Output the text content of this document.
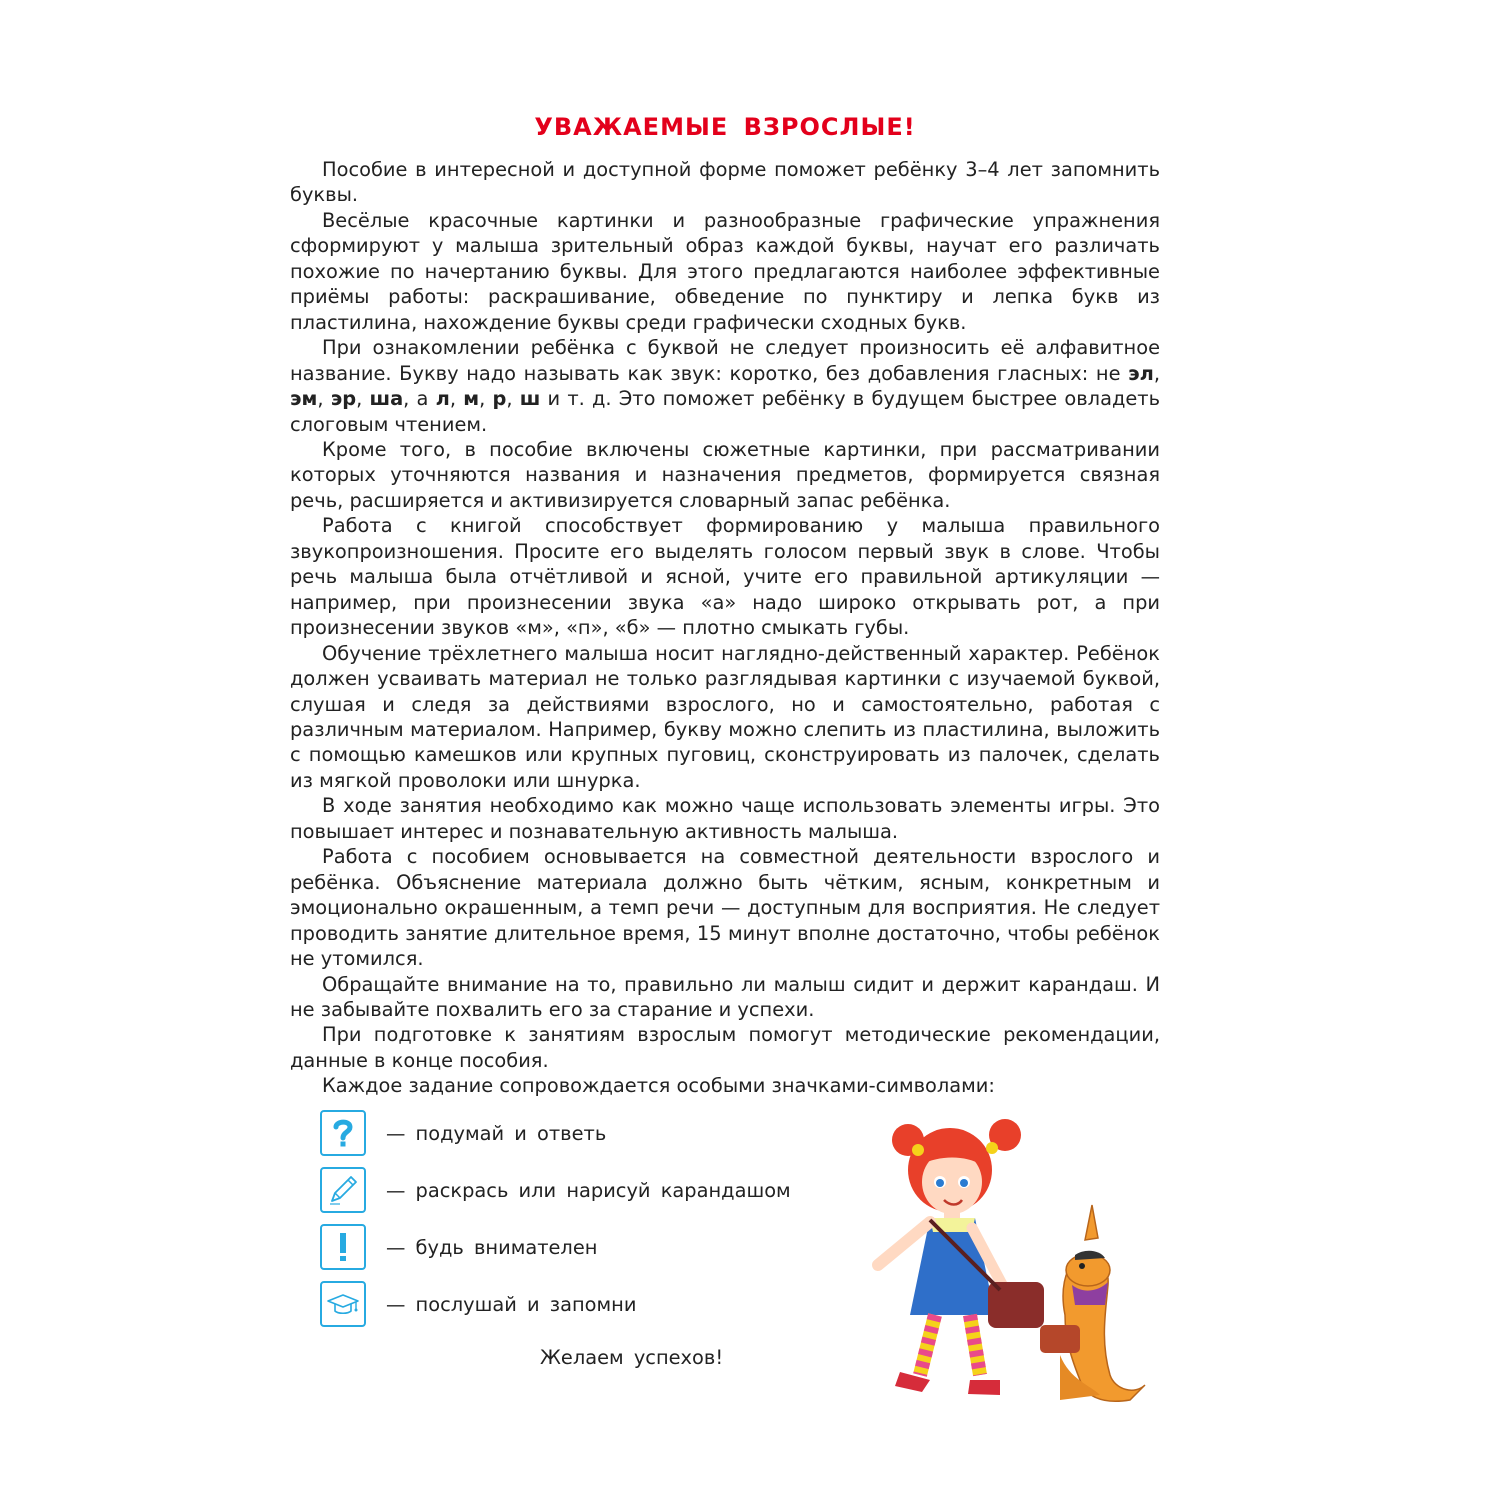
УВАЖАЕМЫЕ ВЗРОСЛЫЕ!

Пособие в интересной и доступной форме поможет ребёнку 3–4 лет запомнить буквы.

Весёлые красочные картинки и разнообразные графические упражнения сформируют у малыша зрительный образ каждой буквы, научат его различать похожие по начертанию буквы. Для этого предлагаются наиболее эффективные приёмы работы: раскрашивание, обведение по пунктиру и лепка букв из пластилина, нахождение буквы среди графически сходных букв.

При ознакомлении ребёнка с буквой не следует произносить её алфавитное название. Букву надо называть как звук: коротко, без добавления гласных: не эл, эм, эр, ша, а л, м, р, ш и т. д. Это поможет ребёнку в будущем быстрее овладеть слоговым чтением.

Кроме того, в пособие включены сюжетные картинки, при рассматривании которых уточняются названия и назначения предметов, формируется связная речь, расширяется и активизируется словарный запас ребёнка.

Работа с книгой способствует формированию у малыша правильного звукопроизношения. Просите его выделять голосом первый звук в слове. Чтобы речь малыша была отчётливой и ясной, учите его правильной артикуляции — например, при произнесении звука «а» надо широко открывать рот, а при произнесении звуков «м», «п», «б» — плотно смыкать губы.

Обучение трёхлетнего малыша носит наглядно-действенный характер. Ребёнок должен усваивать материал не только разглядывая картинки с изучаемой буквой, слушая и следя за действиями взрослого, но и самостоятельно, работая с различным материалом. Например, букву можно слепить из пластилина, выложить с помощью камешков или крупных пуговиц, сконструировать из палочек, сделать из мягкой проволоки или шнурка.

В ходе занятия необходимо как можно чаще использовать элементы игры. Это повышает интерес и познавательную активность малыша.

Работа с пособием основывается на совместной деятельности взрослого и ребёнка. Объяснение материала должно быть чётким, ясным, конкретным и эмоционально окрашенным, а темп речи — доступным для восприятия. Не следует проводить занятие длительное время, 15 минут вполне достаточно, чтобы ребёнок не утомился.

Обращайте внимание на то, правильно ли малыш сидит и держит карандаш. И не забывайте похвалить его за старание и успехи.

При подготовке к занятиям взрослым помогут методические рекомендации, данные в конце пособия.

Каждое задание сопровождается особыми значками-символами:

— подумай и ответь
— раскрась или нарисуй карандашом
— будь внимателен
— послушай и запомни
Желаем успехов!
